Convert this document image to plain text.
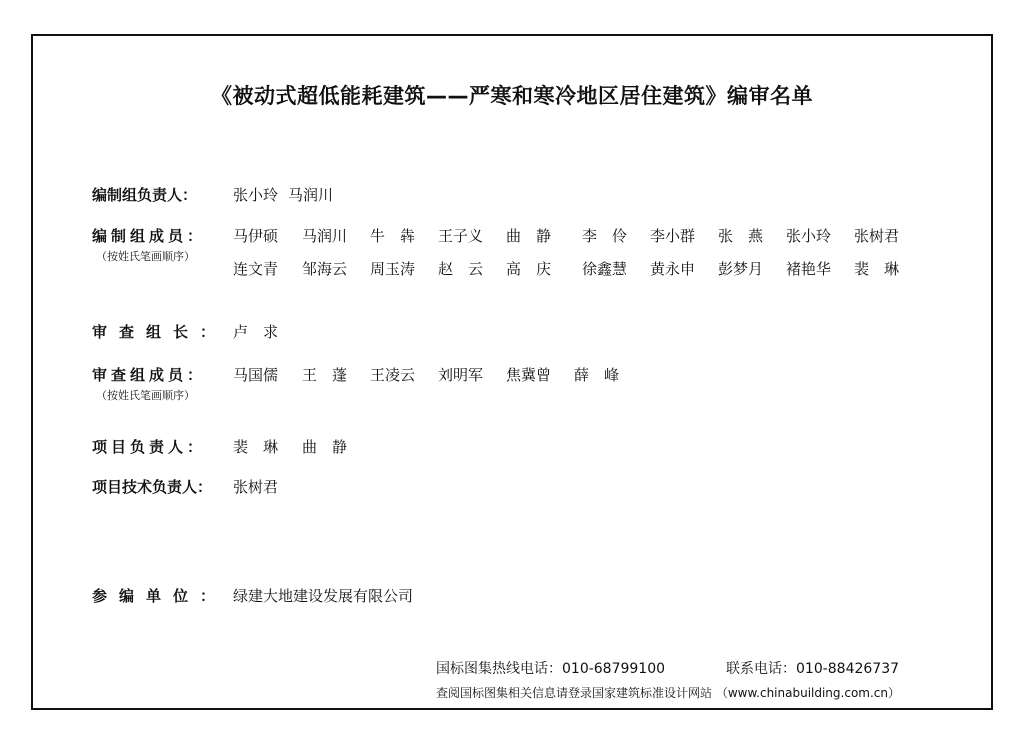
《被动式超低能耗建筑——严寒和寒冷地区居住建筑》编审名单
编制组负责人： 张小玲 马润川
编制组成员：
（按姓氏笔画顺序）
马伊硕 马润川 牛　犇 王子义 曲　静 李　伶 李小群 张　燕 张小玲 张树君
连文青 邹海云 周玉涛 赵　云 高　庆 徐鑫慧 黄永申 彭梦月 褚艳华 裴　琳
审查组长： 卢　求
审查组成员：
（按姓氏笔画顺序）
马国儒 王　蓬 王凌云 刘明军 焦冀曾 薛　峰
项目负责人： 裴　琳 曲　静
项目技术负责人： 张树君
参编单位： 绿建大地建设发展有限公司
国标图集热线电话：010-68799100	联系电话：010-88426737
查阅国标图集相关信息请登录国家建筑标准设计网站 （www.chinabuilding.com.cn）
